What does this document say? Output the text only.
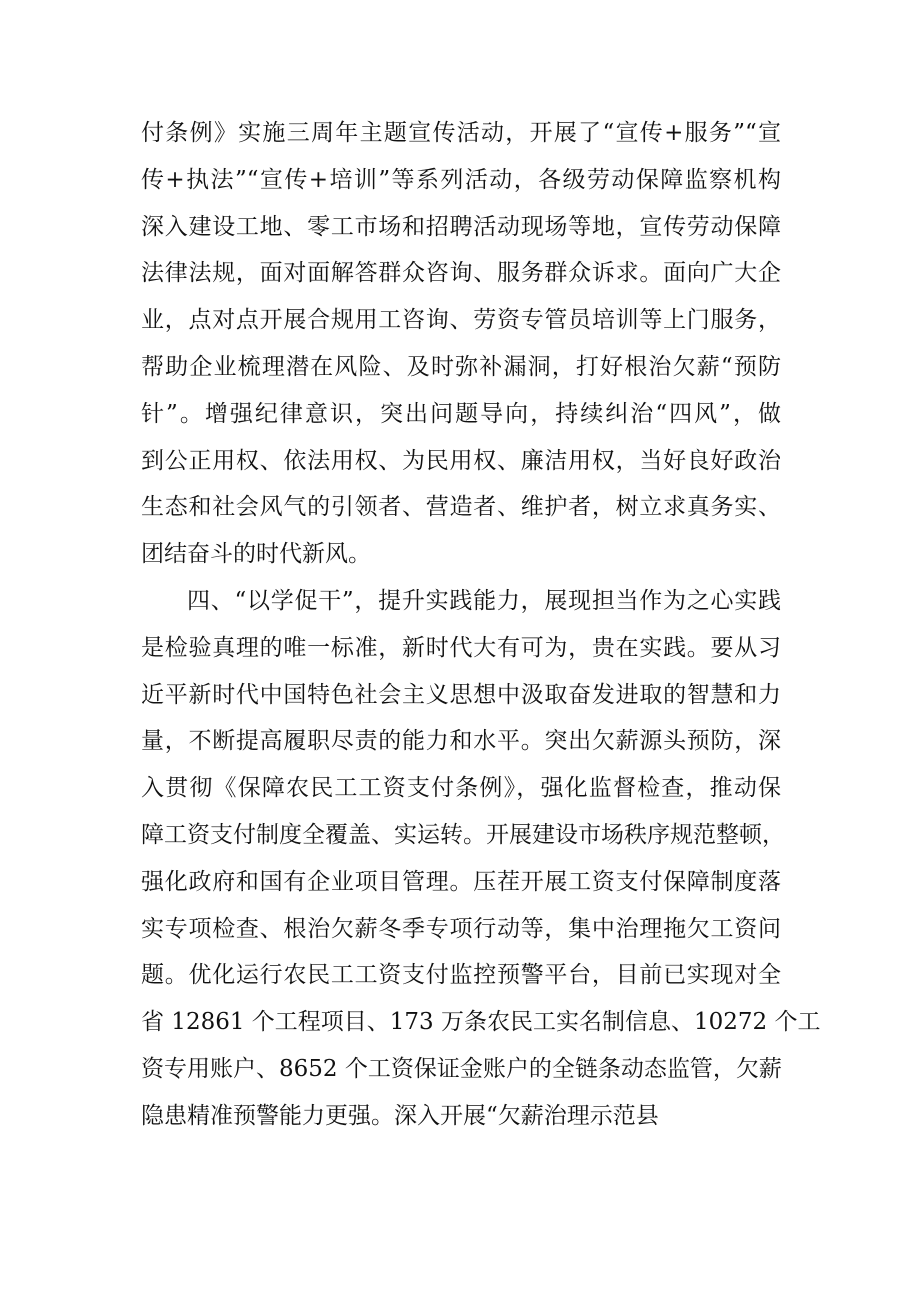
付条例》实施三周年主题宣传活动，开展了“宣传+服务”“宣
传+执法”“宣传+培训”等系列活动，各级劳动保障监察机构
深入建设工地、零工市场和招聘活动现场等地，宣传劳动保障
法律法规，面对面解答群众咨询、服务群众诉求。面向广大企
业，点对点开展合规用工咨询、劳资专管员培训等上门服务，
帮助企业梳理潜在风险、及时弥补漏洞，打好根治欠薪“预防
针”。增强纪律意识，突出问题导向，持续纠治“四风”，做
到公正用权、依法用权、为民用权、廉洁用权，当好良好政治
生态和社会风气的引领者、营造者、维护者，树立求真务实、
团结奋斗的时代新风。
四、“以学促干”，提升实践能力，展现担当作为之心实践
是检验真理的唯一标准，新时代大有可为，贵在实践。要从习
近平新时代中国特色社会主义思想中汲取奋发进取的智慧和力
量，不断提高履职尽责的能力和水平。突出欠薪源头预防，深
入贯彻《保障农民工工资支付条例》，强化监督检查，推动保
障工资支付制度全覆盖、实运转。开展建设市场秩序规范整顿，
强化政府和国有企业项目管理。压茬开展工资支付保障制度落
实专项检查、根治欠薪冬季专项行动等，集中治理拖欠工资问
题。优化运行农民工工资支付监控预警平台，目前已实现对全
省 12861 个工程项目、173 万条农民工实名制信息、10272 个工
资专用账户、8652 个工资保证金账户的全链条动态监管，欠薪
隐患精准预警能力更强。深入开展“欠薪治理示范县
